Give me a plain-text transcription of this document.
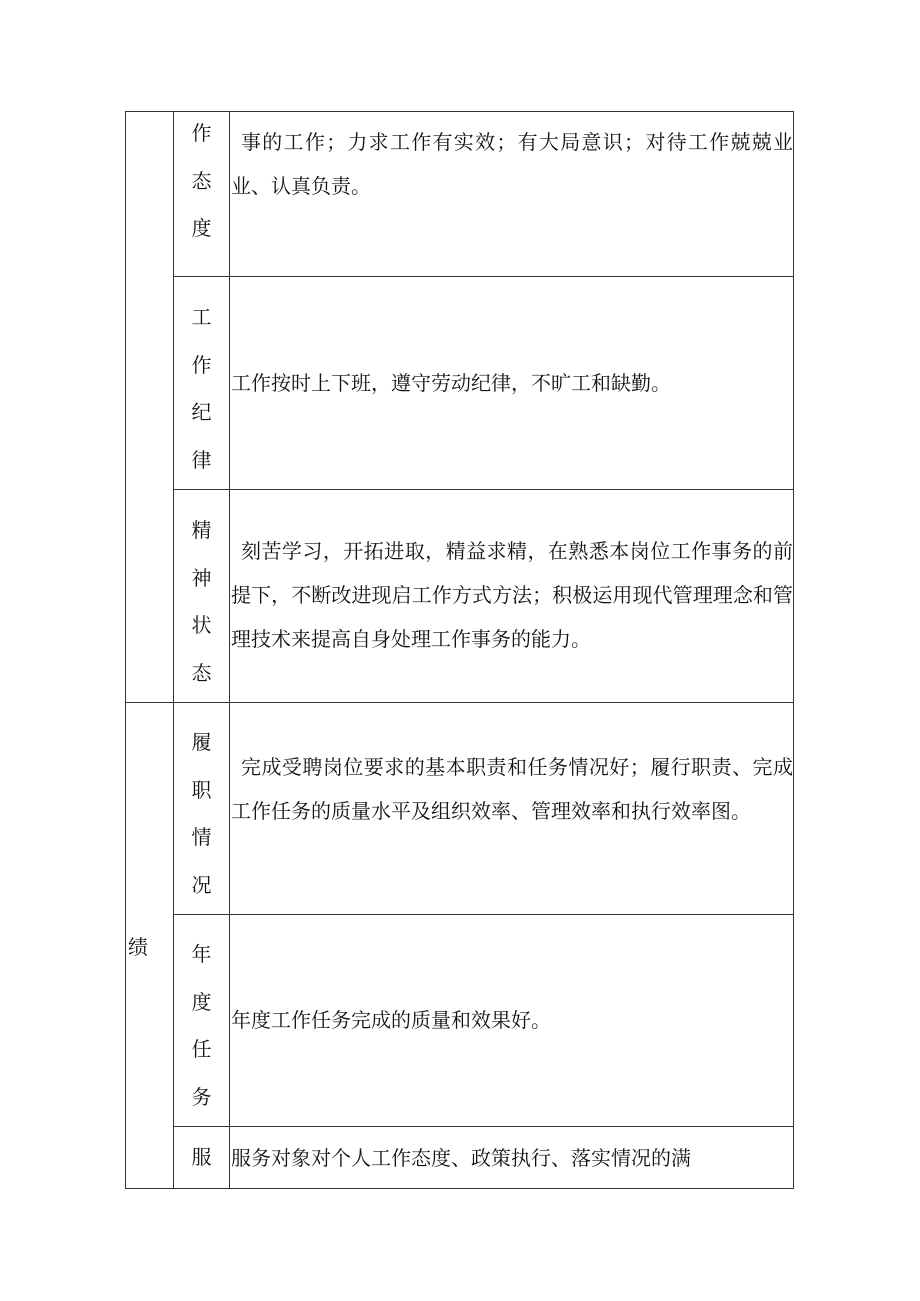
绩
作
态
度
工
作
纪
律
精
神
状
态
履
职
情
况
年
度
任
务
服
事的工作；力求工作有实效；有大局意识；对待工作兢兢业业、认真负责。
工作按时上下班，遵守劳动纪律，不旷工和缺勤。
刻苦学习，开拓进取，精益求精，在熟悉本岗位工作事务的前提下，不断改进现启工作方式方法；积极运用现代管理理念和管理技术来提高自身处理工作事务的能力。
完成受聘岗位要求的基本职责和任务情况好；履行职责、完成工作任务的质量水平及组织效率、管理效率和执行效率图。
年度工作任务完成的质量和效果好。
服务对象对个人工作态度、政策执行、落实情况的满
